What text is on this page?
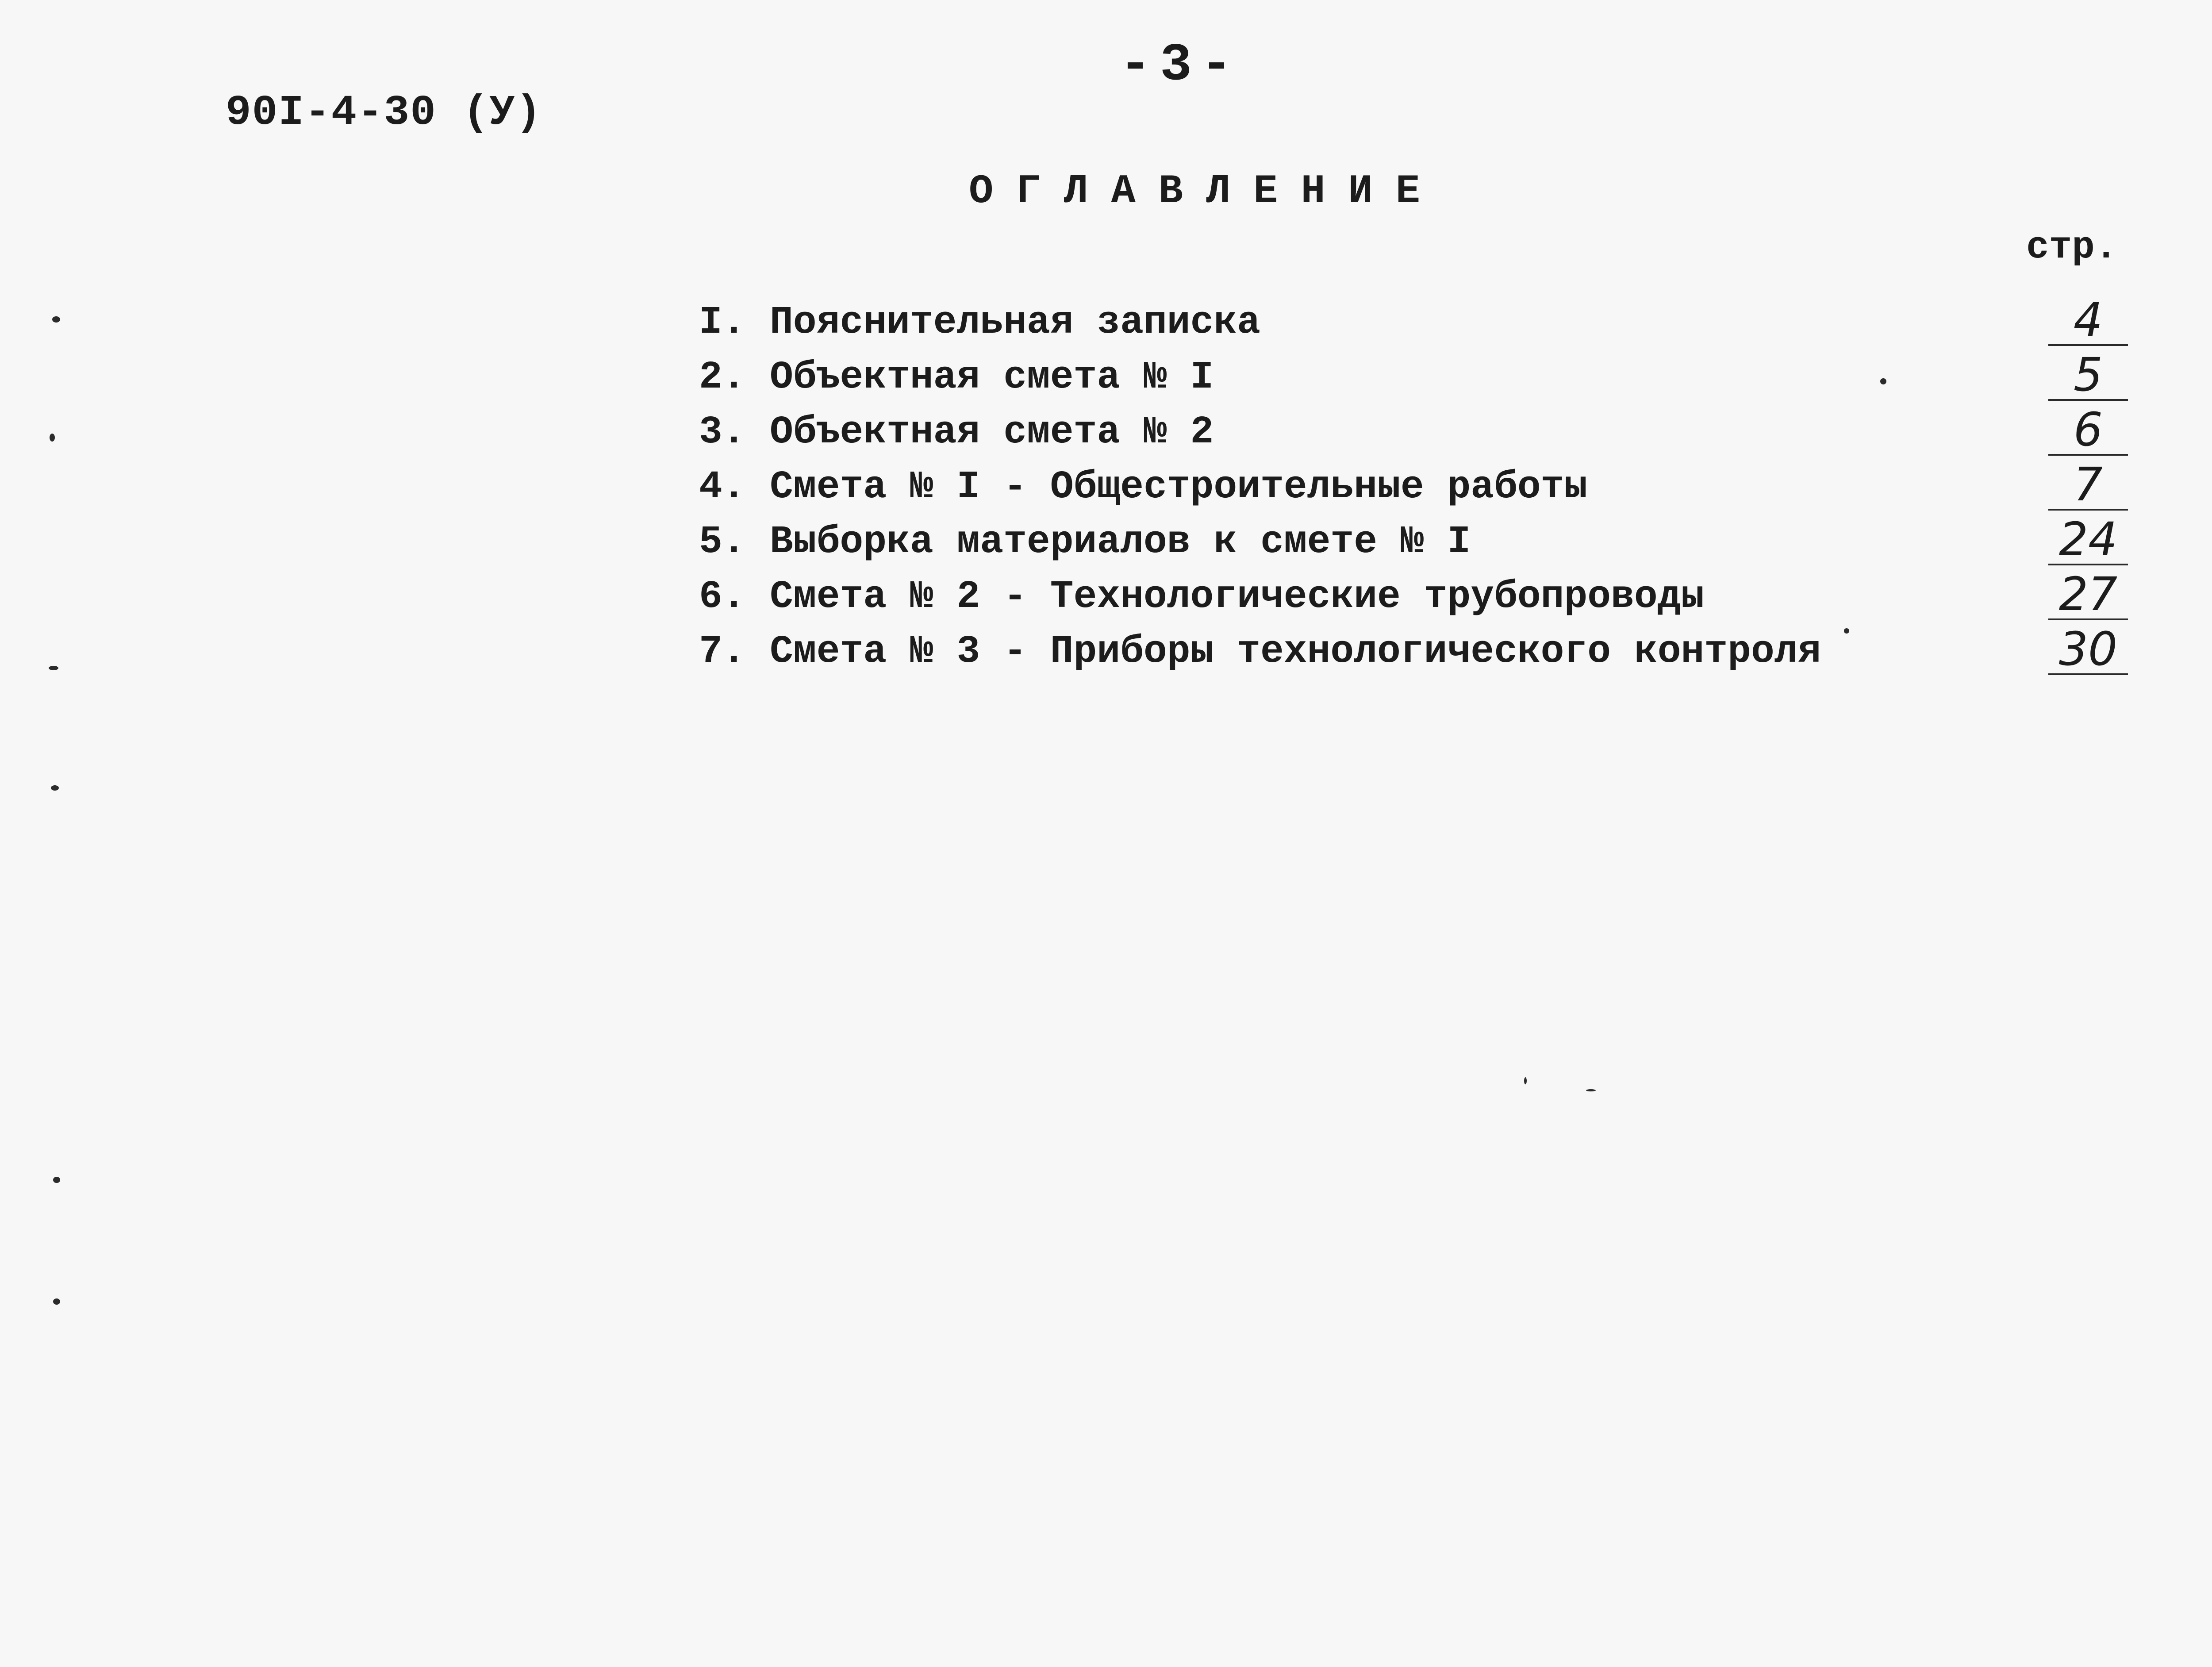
90I-4-30 (У)
-3-
ОГЛАВЛЕНИЕ
стр.
I. Пояснительная записка	4
2. Объектная смета № I	5
3. Объектная смета № 2	6
4. Смета № I - Общестроительные работы	7
5. Выборка материалов к смете № I	24
6. Смета № 2 - Технологические трубопроводы	27
7. Смета № 3 - Приборы технологического контроля	30
